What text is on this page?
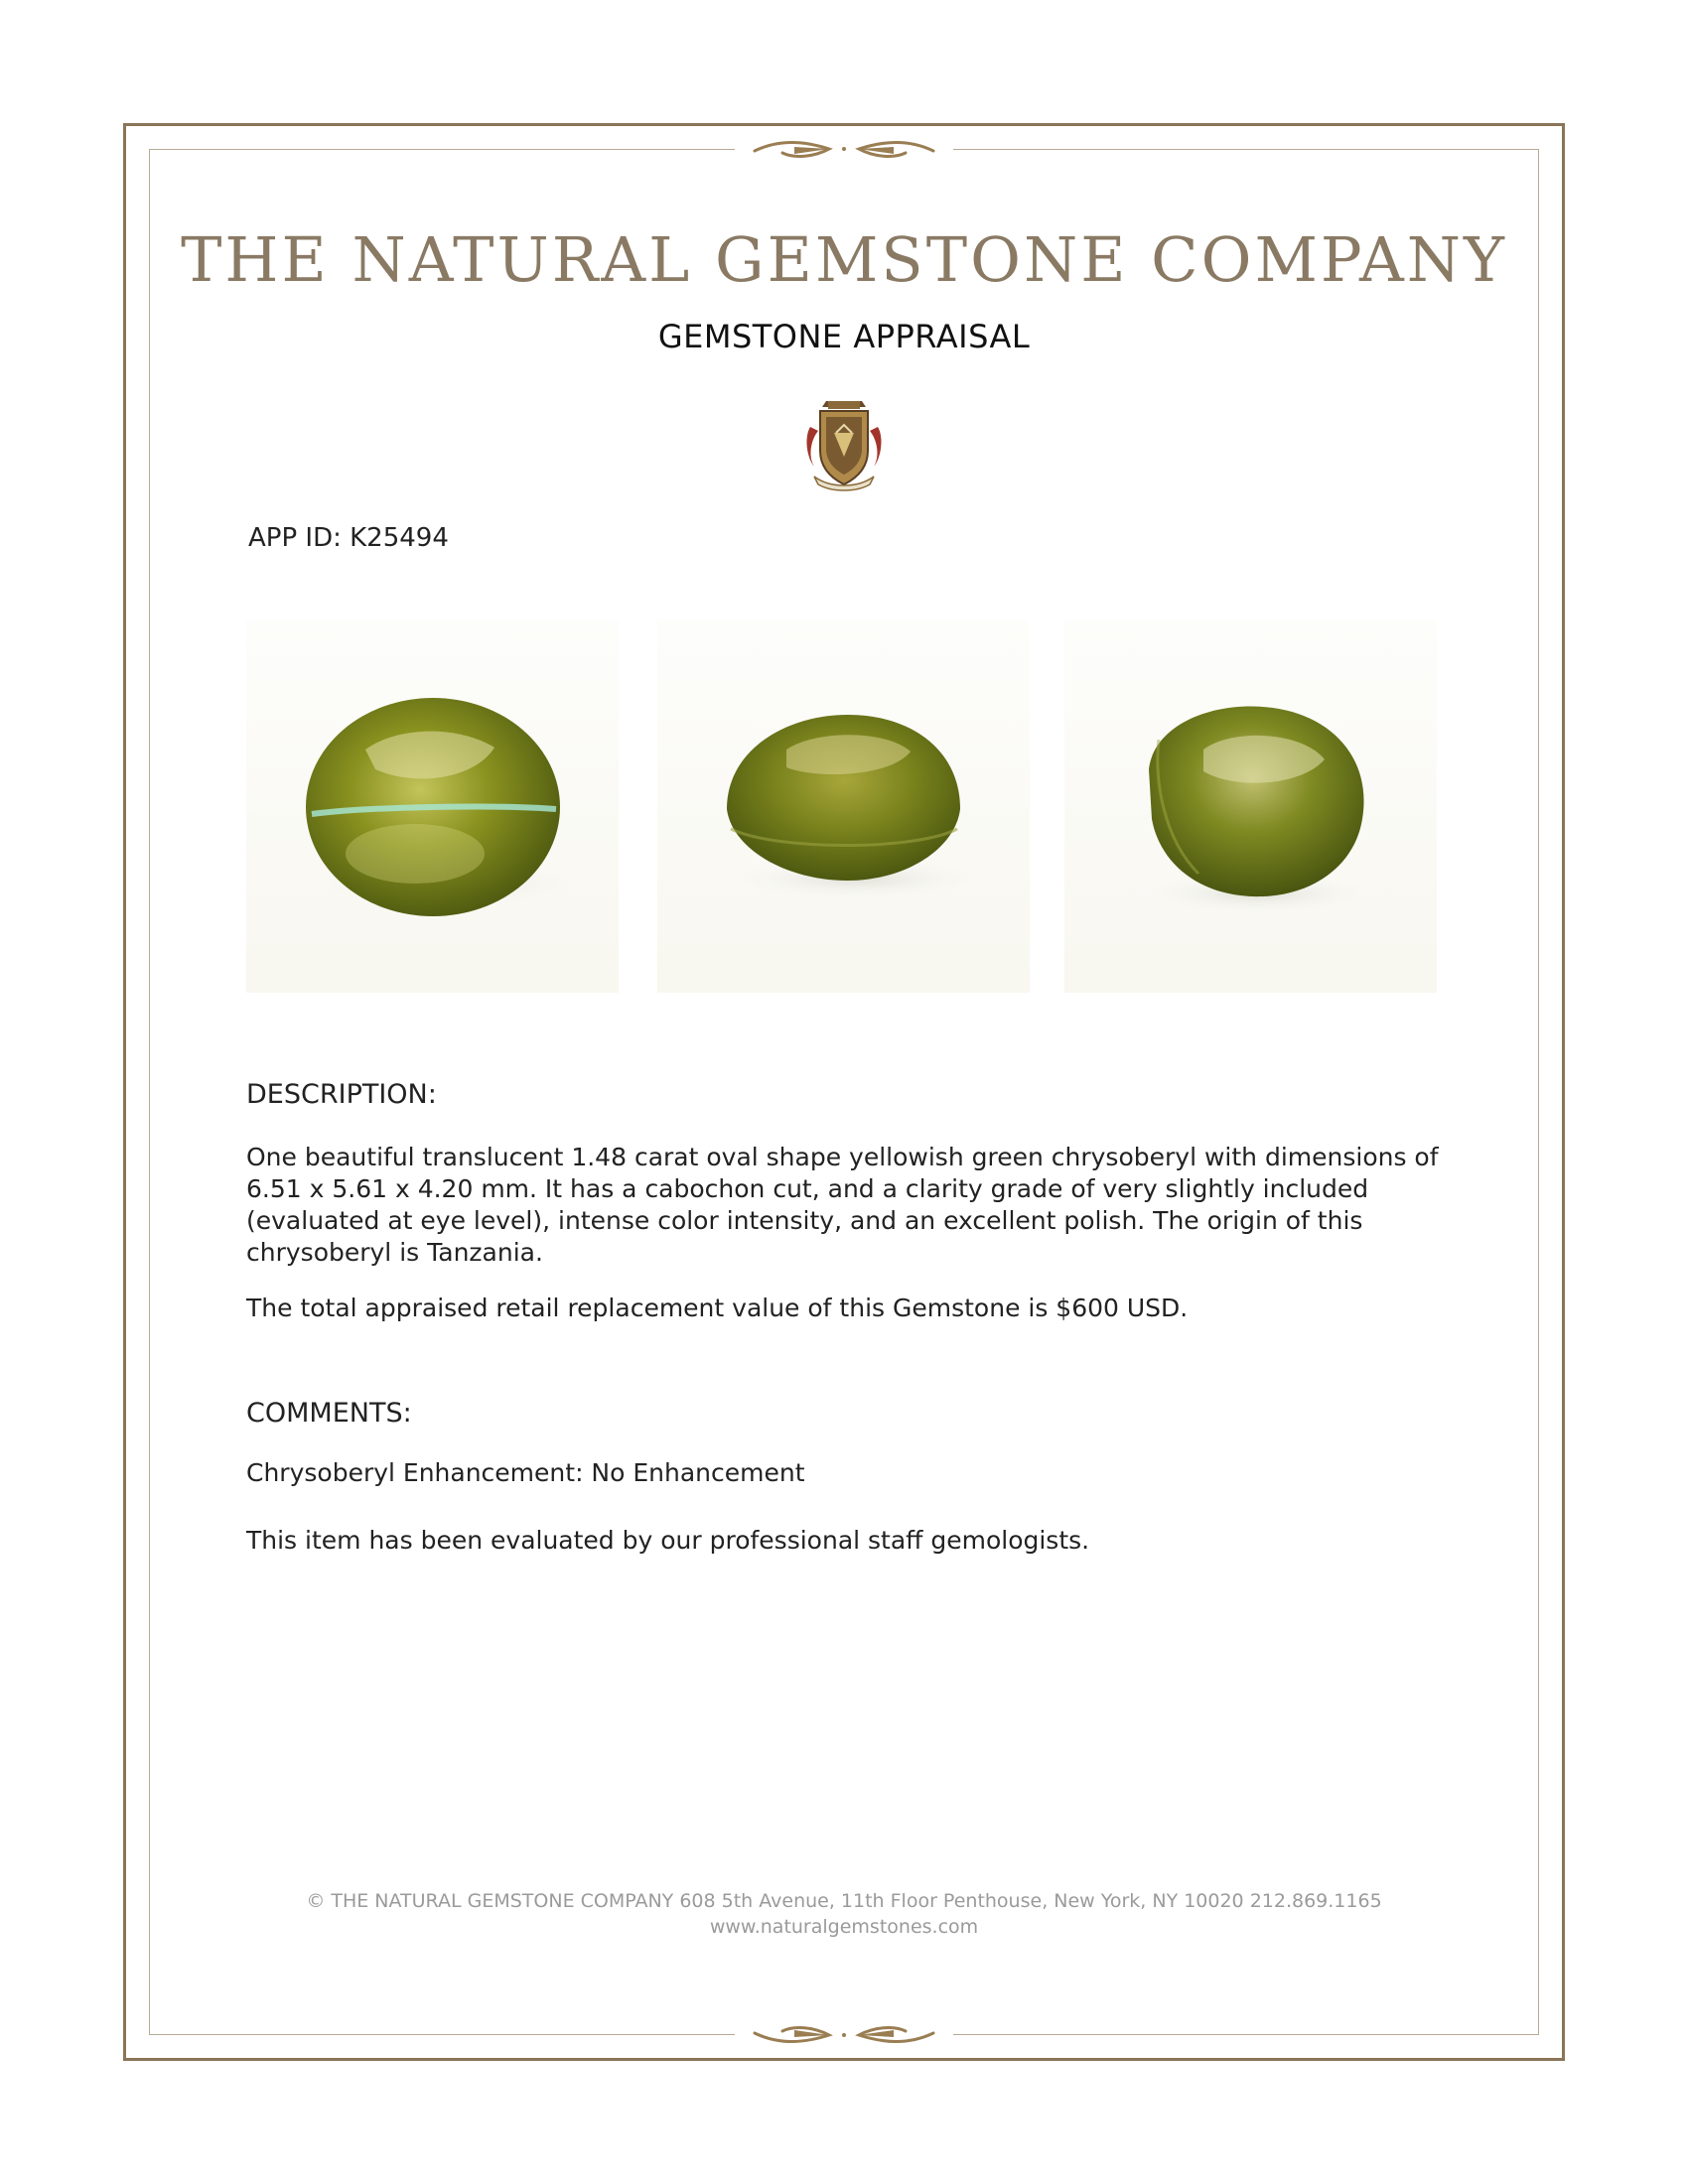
THE NATURAL GEMSTONE COMPANY
GEMSTONE APPRAISAL
APP ID: K25494
DESCRIPTION:
One beautiful translucent 1.48 carat oval shape yellowish green chrysoberyl with dimensions of 6.51 x 5.61 x 4.20 mm. It has a cabochon cut, and a clarity grade of very slightly included (evaluated at eye level), intense color intensity, and an excellent polish. The origin of this chrysoberyl is Tanzania.
The total appraised retail replacement value of this Gemstone is $600 USD.
COMMENTS:
Chrysoberyl Enhancement: No Enhancement
This item has been evaluated by our professional staff gemologists.
© THE NATURAL GEMSTONE COMPANY 608 5th Avenue, 11th Floor Penthouse, New York, NY 10020 212.869.1165
www.naturalgemstones.com
